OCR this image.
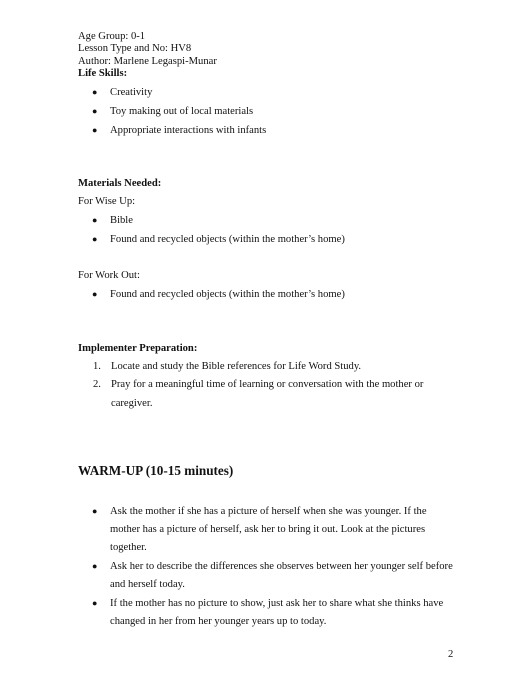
Age Group: 0-1
Lesson Type and No: HV8
Author: Marlene Legaspi-Munar
Life Skills:
● Creativity
● Toy making out of local materials
● Appropriate interactions with infants
Materials Needed:
For Wise Up:
● Bible
● Found and recycled objects (within the mother’s home)
For Work Out:
● Found and recycled objects (within the mother’s home)
Implementer Preparation:
1. Locate and study the Bible references for Life Word Study.
2. Pray for a meaningful time of learning or conversation with the mother or
caregiver.
WARM-UP (10-15 minutes)
● Ask the mother if she has a picture of herself when she was younger. If the
mother has a picture of herself, ask her to bring it out. Look at the pictures
together.
● Ask her to describe the differences she observes between her younger self before
and herself today.
● If the mother has no picture to show, just ask her to share what she thinks have
changed in her from her younger years up to today.
2
